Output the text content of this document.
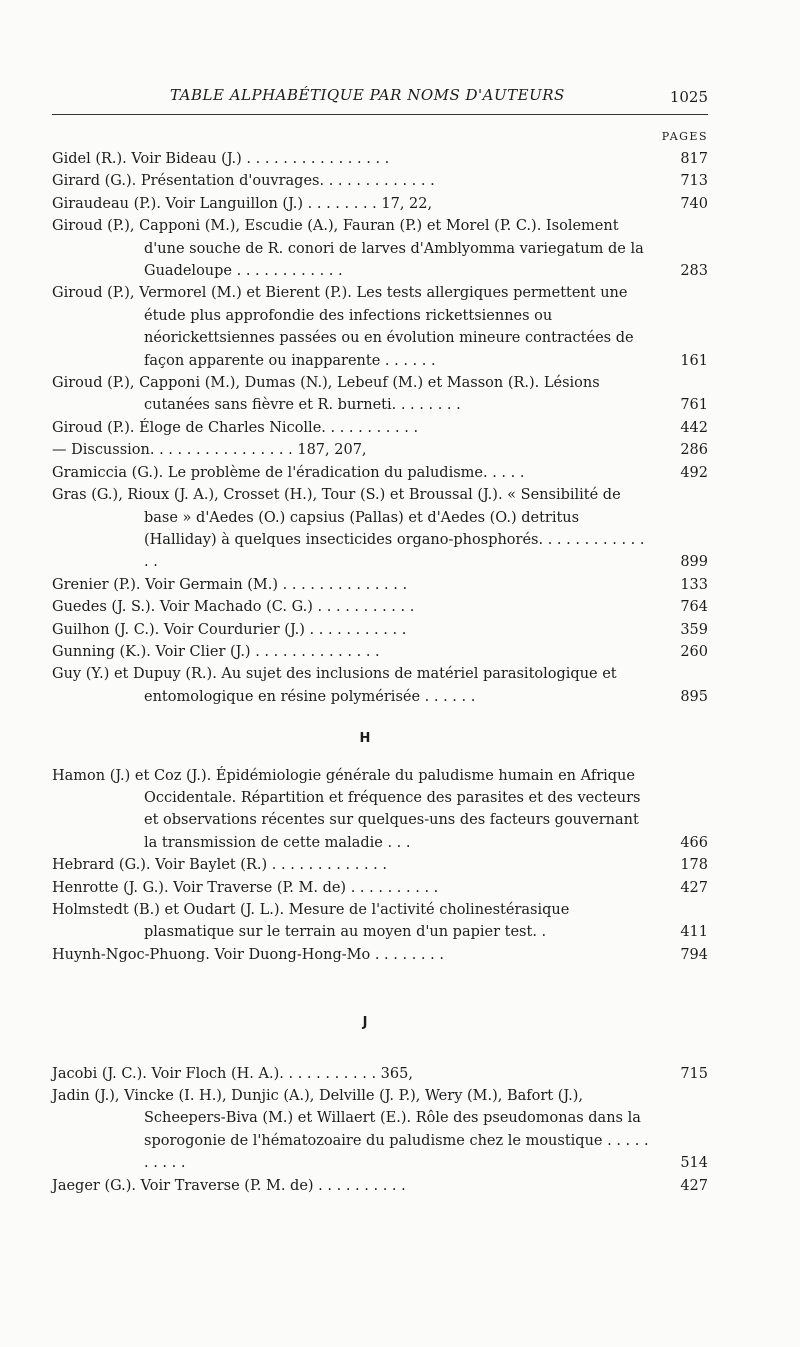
TABLE ALPHABÉTIQUE PAR NOMS D'AUTEURS	1025
PAGES
Gidel (R.). Voir Bideau (J.) . . . . . . . . . . . . . . . .	817
Girard (G.). Présentation d'ouvrages. . . . . . . . . . . . .	713
Giraudeau (P.). Voir Languillon (J.) . . . . . . . . 17, 22,	740
Giroud (P.), Capponi (M.), Escudie (A.), Fauran (P.) et Morel (P. C.). Isolement d'une souche de R. conori de larves d'Amblyomma variegatum de la Guadeloupe . . . . . . . . . . . .	283
Giroud (P.), Vermorel (M.) et Bierent (P.). Les tests allergiques permettent une étude plus approfondie des infections rickettsiennes ou néorickettsiennes passées ou en évolution mineure contractées de façon apparente ou inapparente . . . . . .	161
Giroud (P.), Capponi (M.), Dumas (N.), Lebeuf (M.) et Masson (R.). Lésions cutanées sans fièvre et R. burneti. . . . . . . .	761
Giroud (P.). Éloge de Charles Nicolle. . . . . . . . . . .	442
— Discussion. . . . . . . . . . . . . . . . 187, 207,	286
Gramiccia (G.). Le problème de l'éradication du paludisme. . . . .	492
Gras (G.), Rioux (J. A.), Crosset (H.), Tour (S.) et Broussal (J.). « Sensibilité de base » d'Aedes (O.) capsius (Pallas) et d'Aedes (O.) detritus (Halliday) à quelques insecticides organo-phosphorés. . . . . . . . . . . . . .	899
Grenier (P.). Voir Germain (M.) . . . . . . . . . . . . . .	133
Guedes (J. S.). Voir Machado (C. G.) . . . . . . . . . . .	764
Guilhon (J. C.). Voir Courdurier (J.) . . . . . . . . . . .	359
Gunning (K.). Voir Clier (J.) . . . . . . . . . . . . . .	260
Guy (Y.) et Dupuy (R.). Au sujet des inclusions de matériel parasitologique et entomologique en résine polymérisée . . . . . .	895
H
Hamon (J.) et Coz (J.). Épidémiologie générale du paludisme humain en Afrique Occidentale. Répartition et fréquence des parasites et des vecteurs et observations récentes sur quelques-uns des facteurs gouvernant la transmission de cette maladie . . .	466
Hebrard (G.). Voir Baylet (R.) . . . . . . . . . . . . .	178
Henrotte (J. G.). Voir Traverse (P. M. de) . . . . . . . . . .	427
Holmstedt (B.) et Oudart (J. L.). Mesure de l'activité cholinestérasique plasmatique sur le terrain au moyen d'un papier test. .	411
Huynh-Ngoc-Phuong. Voir Duong-Hong-Mo . . . . . . . .	794
J
Jacobi (J. C.). Voir Floch (H. A.). . . . . . . . . . . 365,	715
Jadin (J.), Vincke (I. H.), Dunjic (A.), Delville (J. P.), Wery (M.), Bafort (J.), Scheepers-Biva (M.) et Willaert (E.). Rôle des pseudomonas dans la sporogonie de l'hématozoaire du paludisme chez le moustique . . . . . . . . . .	514
Jaeger (G.). Voir Traverse (P. M. de) . . . . . . . . . .	427
